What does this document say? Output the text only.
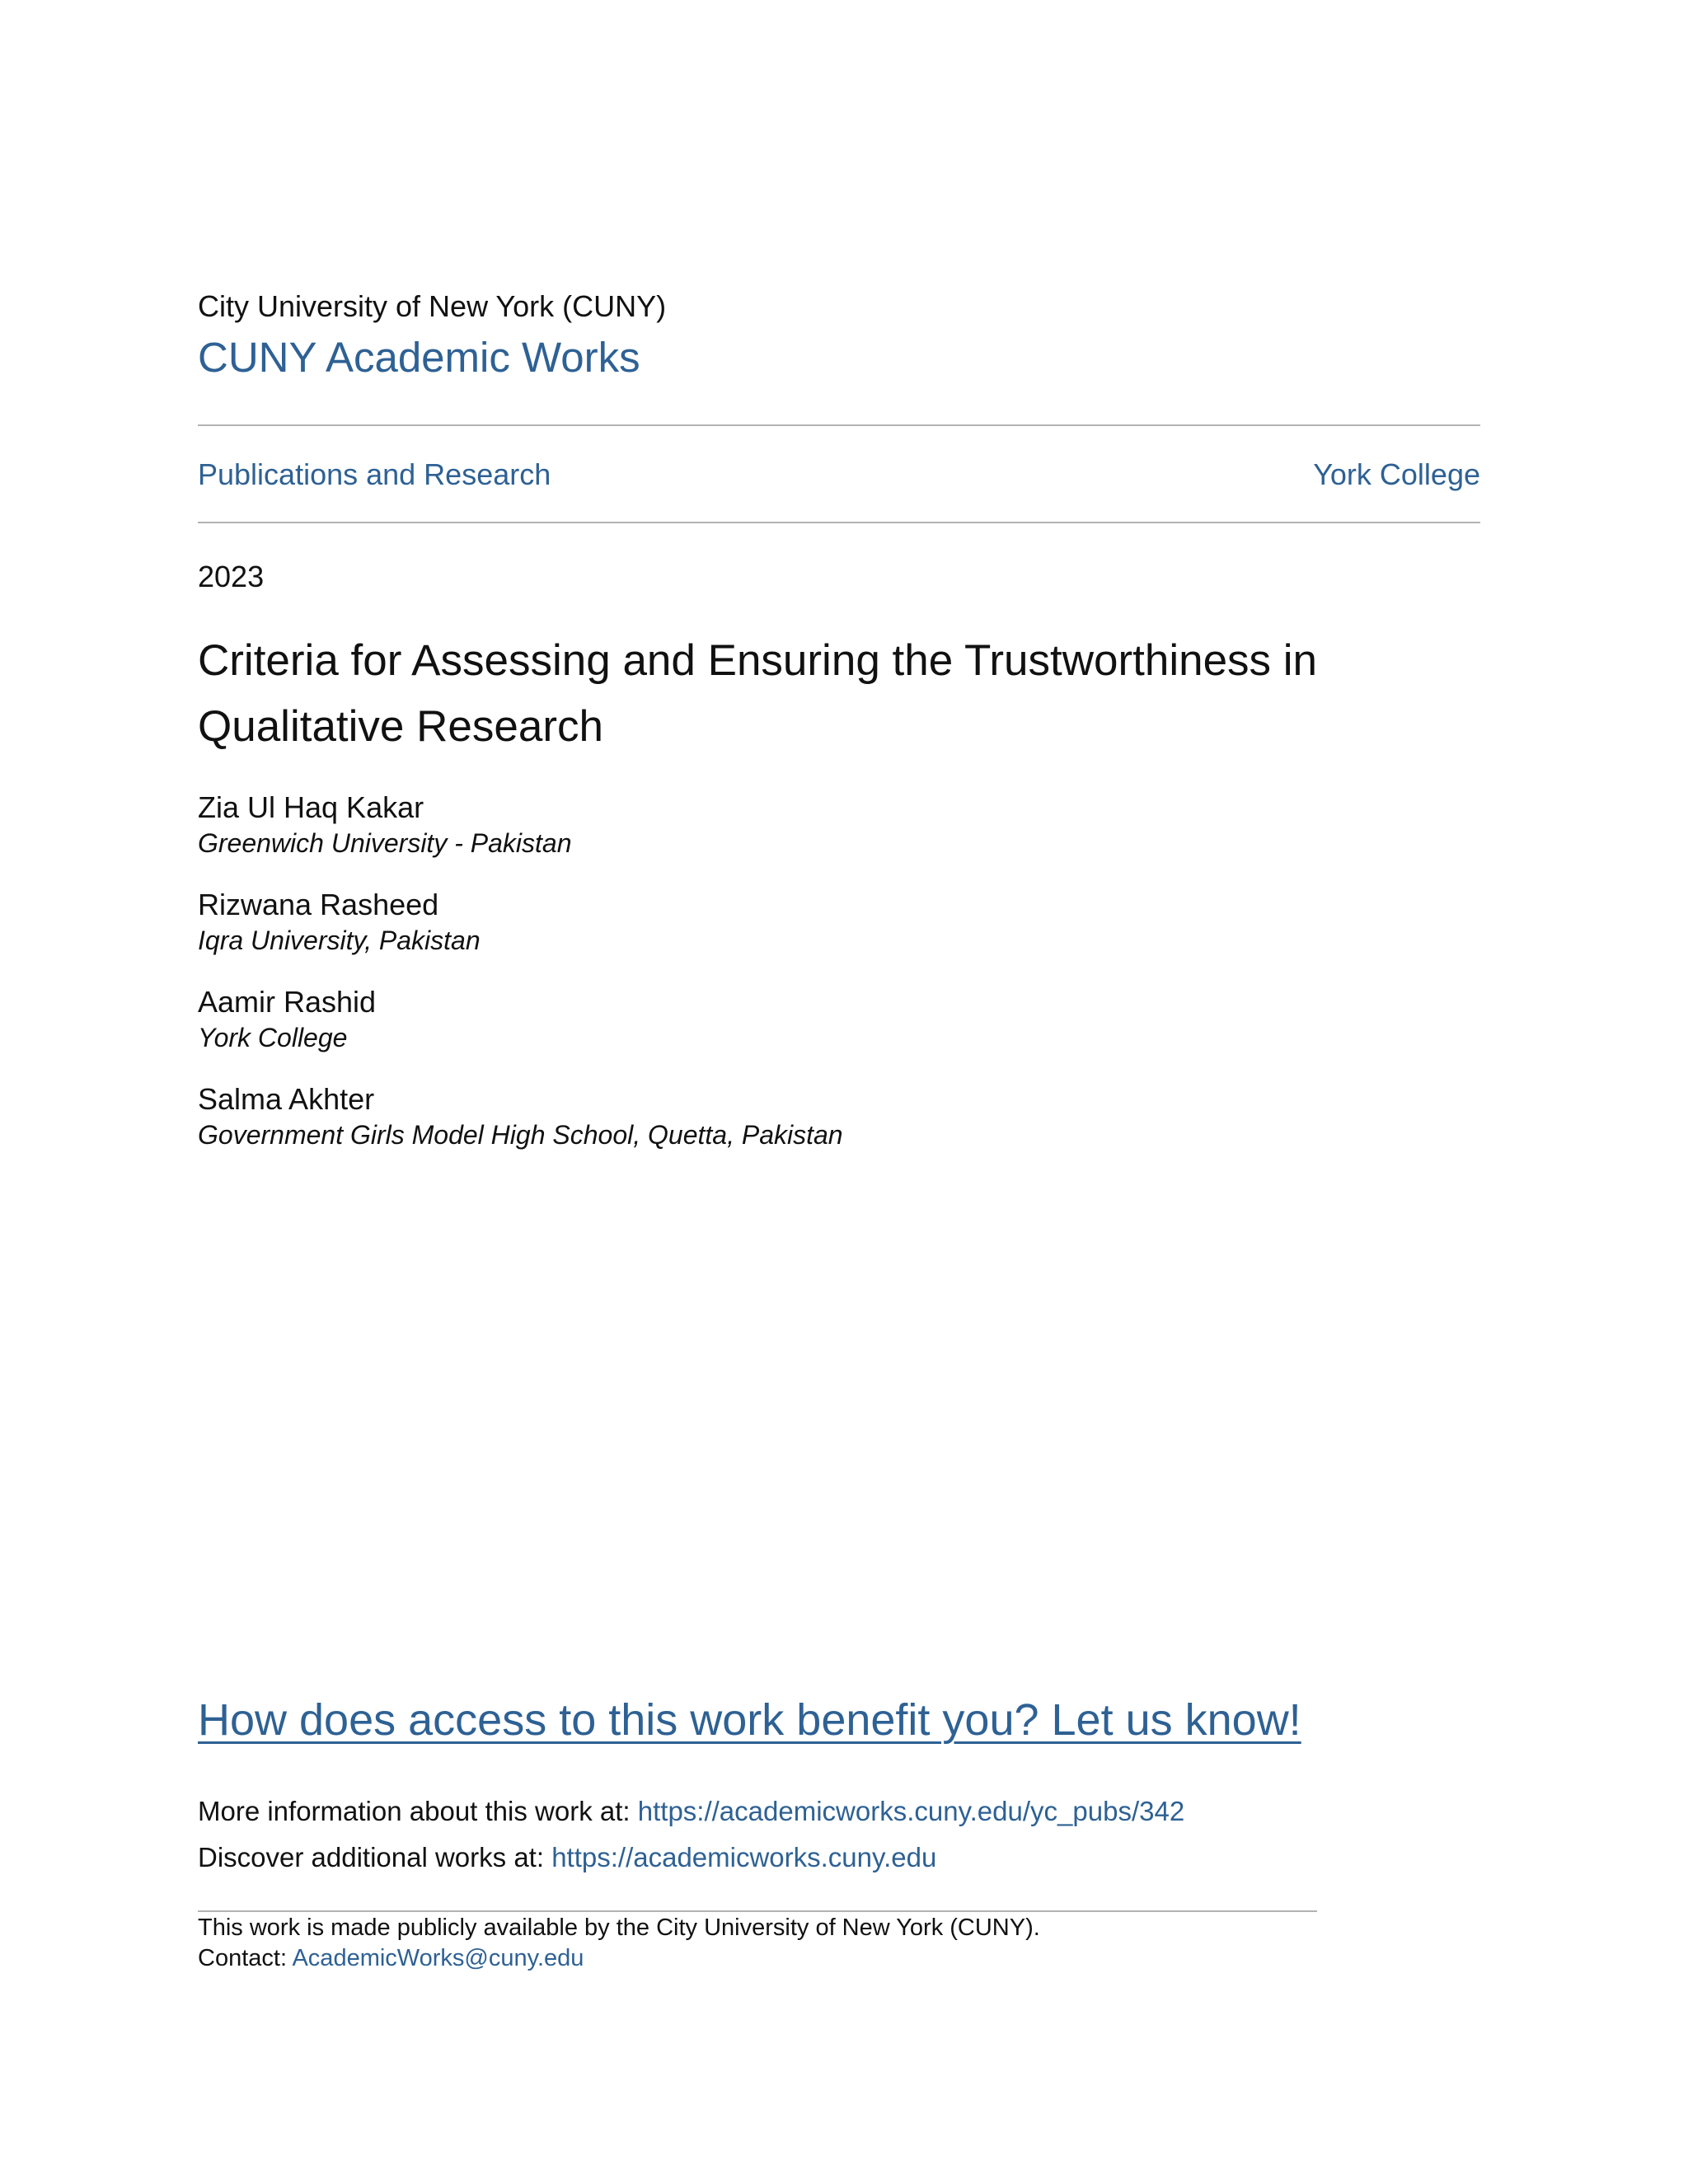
City University of New York (CUNY)
CUNY Academic Works
Publications and Research	York College
2023
Criteria for Assessing and Ensuring the Trustworthiness in Qualitative Research
Zia Ul Haq Kakar
Greenwich University - Pakistan
Rizwana Rasheed
Iqra University, Pakistan
Aamir Rashid
York College
Salma Akhter
Government Girls Model High School, Quetta, Pakistan
How does access to this work benefit you? Let us know!
More information about this work at: https://academicworks.cuny.edu/yc_pubs/342
Discover additional works at: https://academicworks.cuny.edu
This work is made publicly available by the City University of New York (CUNY).
Contact: AcademicWorks@cuny.edu
